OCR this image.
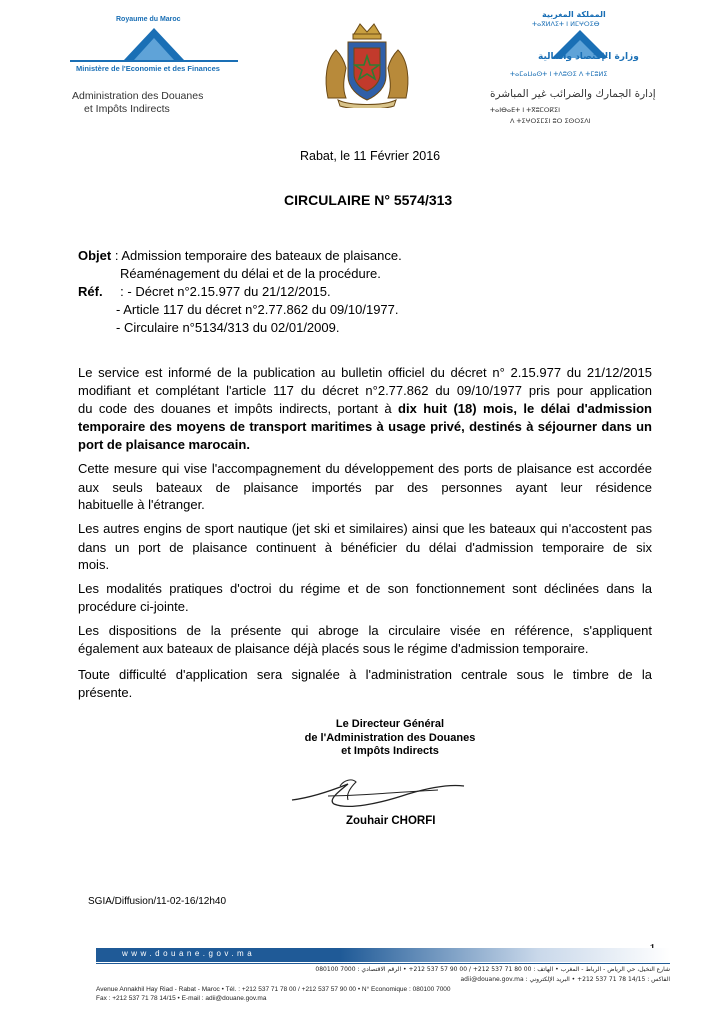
Royaume du Maroc
Ministère de l'Economie et des Finances
Administration des Douanes
et Impôts Indirects
المملكة المغربية
ⵜⴰⴳⵍⴷⵉⵜ ⵏ ⵍⵎⵖⵔⵉⴱ
وزارة الإقتصاد والمالية
ⵜⴰⵎⴰⵡⴰⵙⵜ ⵏ ⵜⴷⵓⵙⵉ ⴷ ⵜⵎⵓⵍⵉ
إدارة الجمارك والضرائب غير المباشرة
ⵜⴰⵏⴱⴰⴹⵜ ⵏ ⵜⴳⵓⵎⵔⴽⵉⵏ
ⴷ ⵜⵉⵖⵔⵉⵎⵉⵏ ⵓⵔ ⵉⵙⵔⵉⴷⵏ
Rabat, le 11 Février 2016
CIRCULAIRE N° 5574/313
Objet : Admission temporaire des bateaux de plaisance.
Réaménagement du délai et de la procédure.
Réf. : - Décret n°2.15.977 du 21/12/2015.
- Article 117 du décret n°2.77.862 du 09/10/1977.
- Circulaire n°5134/313 du 02/01/2009.
Le service est informé de la publication au bulletin officiel du décret n° 2.15.977 du 21/12/2015
modifiant et complétant l'article 117 du décret n°2.77.862 du 09/10/1977 pris pour application
du code des douanes et impôts indirects, portant à dix huit (18) mois, le délai d'admission
temporaire des moyens de transport maritimes à usage privé, destinés à séjourner dans un
port de plaisance marocain.
Cette mesure qui vise l'accompagnement du développement des ports de plaisance est accordée aux seuls bateaux de plaisance importés par des personnes ayant leur résidence
habituelle à l'étranger.
Les autres engins de sport nautique (jet ski et similaires) ainsi que les bateaux qui n'accostent pas dans un port de plaisance continuent à bénéficier du délai d'admission temporaire de six
mois.
Les modalités pratiques d'octroi du régime et de son fonctionnement sont déclinées dans la
procédure ci-jointe.
Les dispositions de la présente qui abroge la circulaire visée en référence, s'appliquent
également aux bateaux de plaisance déjà placés sous le régime d'admission temporaire.
Toute difficulté d'application sera signalée à l'administration centrale sous le timbre de la
présente.
Le Directeur Général
de l'Administration des Douanes
et Impôts Indirects
Zouhair CHORFI
SGIA/Diffusion/11-02-16/12h40
www.douane.gov.ma
شارع النخيل، حي الرياض - الرباط - المغرب • الهاتف : 00 80 71 537 212+ / 00 90 57 537 212+ • الرقم الاقتصادي : 7000 080100
الفاكس : 14/15 78 71 537 212+ • البريد الإلكتروني : adii@douane.gov.ma
Avenue Annakhil Hay Riad - Rabat - Maroc • Tél. : +212 537 71 78 00 / +212 537 57 90 00 • N° Economique : 080100 7000
Fax : +212 537 71 78 14/15 • E-mail : adii@douane.gov.ma
